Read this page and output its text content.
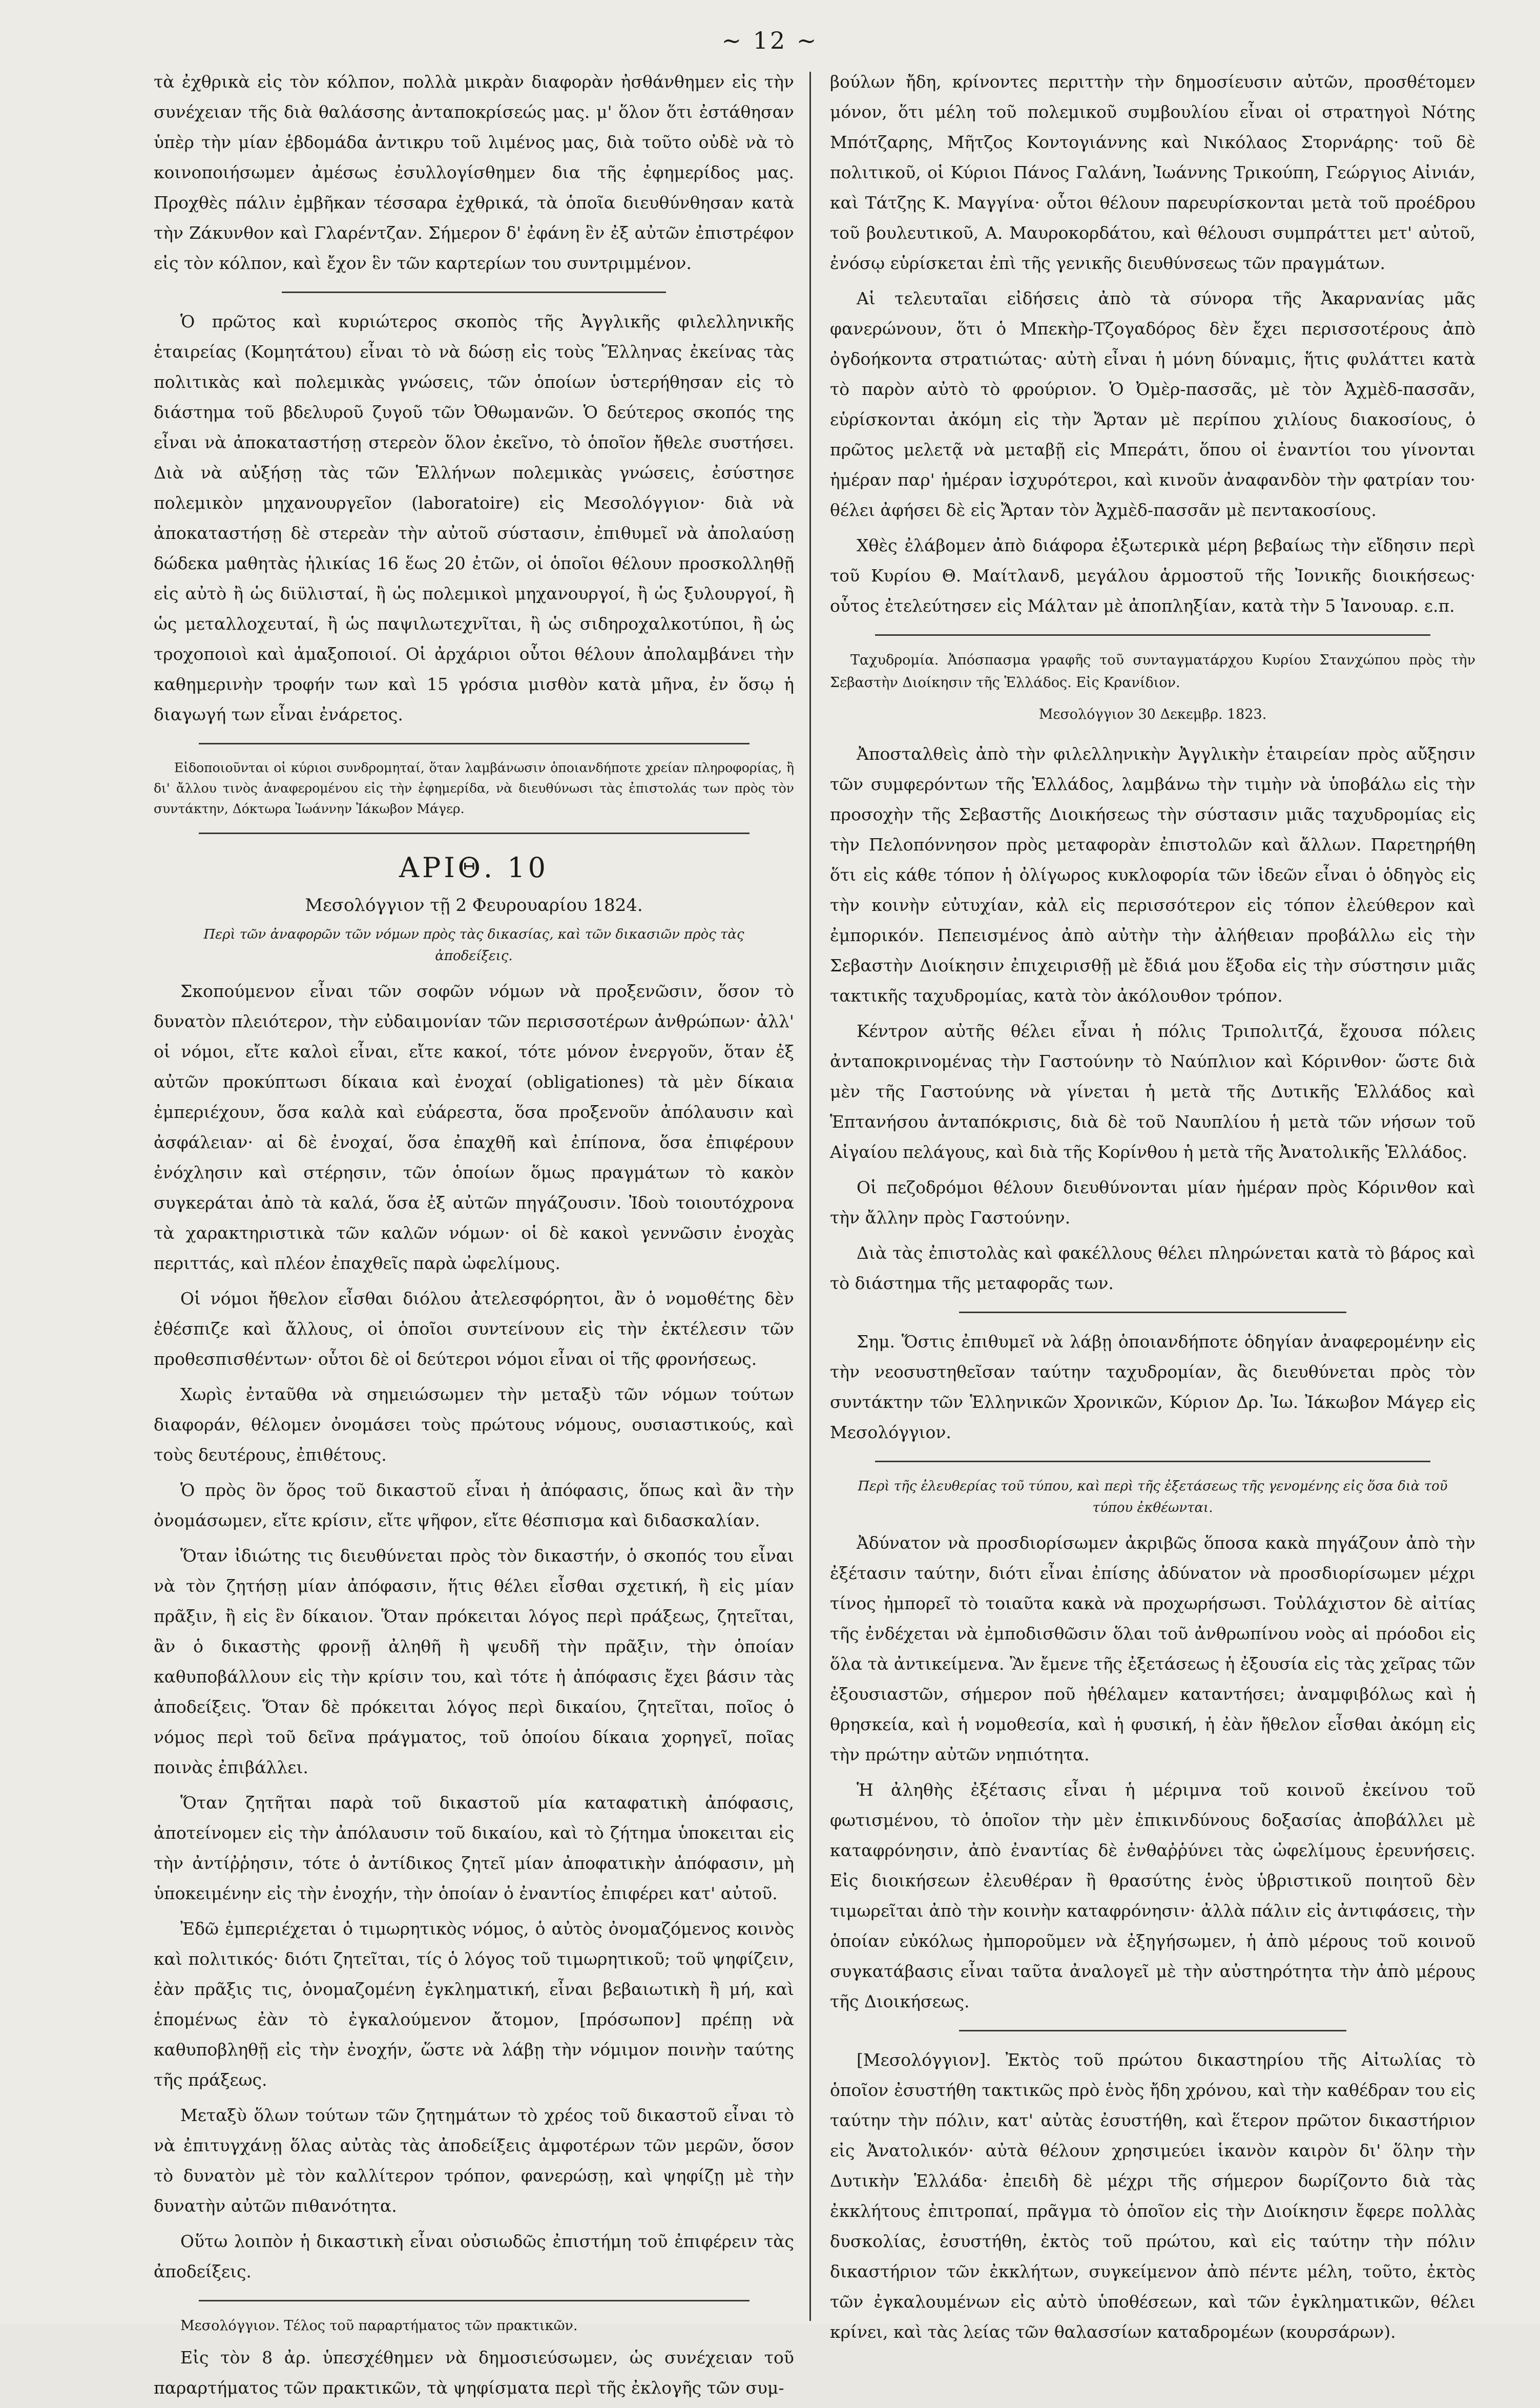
~ 12 ~

τὰ ἐχθρικὰ εἰς τὸν κόλπον, πολλὰ μικρὰν διαφορὰν ἠσθάνθημεν εἰς τὴν συνέχειαν τῆς διὰ θαλάσσης ἀνταποκρίσεώς μας. μ' ὅλον ὅτι ἐστάθησαν ὑπὲρ τὴν μίαν ἑβδομάδα ἀντικρυ τοῦ λιμένος μας, διὰ τοῦτο οὐδὲ νὰ τὸ κοινοποιήσωμεν ἀμέσως ἐσυλλογίσθημεν δια τῆς ἐφημερίδος μας. Προχθὲς πάλιν ἐμβῆκαν τέσσαρα ἐχθρικά, τὰ ὁποῖα διευθύνθησαν κατὰ τὴν Ζάκυνθον καὶ Γλαρέντζαν. Σήμερον δ' ἐφάνη ἓν ἐξ αὐτῶν ἐπιστρέφον εἰς τὸν κόλπον, καὶ ἔχον ἓν τῶν καρτερίων του συντριμμένον.

Ὁ πρῶτος καὶ κυριώτερος σκοπὸς τῆς Ἀγγλικῆς φιλελληνικῆς ἑταιρείας (Κομητάτου) εἶναι τὸ νὰ δώσῃ εἰς τοὺς Ἕλληνας ἐκείνας τὰς πολιτικὰς καὶ πολεμικὰς γνώσεις, τῶν ὁποίων ὑστερήθησαν εἰς τὸ διάστημα τοῦ βδελυροῦ ζυγοῦ τῶν Ὀθωμανῶν. Ὁ δεύτερος σκοπός της εἶναι νὰ ἀποκαταστήσῃ στερεὸν ὅλον ἐκεῖνο, τὸ ὁποῖον ἤθελε συστήσει. Διὰ νὰ αὐξήσῃ τὰς τῶν Ἑλλήνων πολεμικὰς γνώσεις, ἐσύστησε πολεμικὸν μηχανουργεῖον (laboratoire) εἰς Μεσολόγγιον· διὰ νὰ ἀποκαταστήσῃ δὲ στερεὰν τὴν αὐτοῦ σύστασιν, ἐπιθυμεῖ νὰ ἀπολαύσῃ δώδεκα μαθητὰς ἡλικίας 16 ἕως 20 ἐτῶν, οἱ ὁποῖοι θέλουν προσκολληθῇ εἰς αὐτὸ ἢ ὡς διϋλισταί, ἢ ὡς πολεμικοὶ μηχανουργοί, ἢ ὡς ξυλουργοί, ἢ ὡς μεταλλοχευταί, ἢ ὡς παψιλωτεχνῖται, ἢ ὡς σιδηροχαλκοτύποι, ἢ ὡς τροχοποιοὶ καὶ ἁμαξοποιοί. Οἱ ἀρχάριοι οὗτοι θέλουν ἀπολαμβάνει τὴν καθημερινὴν τροφήν των καὶ 15 γρόσια μισθὸν κατὰ μῆνα, ἐν ὅσῳ ἡ διαγωγή των εἶναι ἐνάρετος.

Εἰδοποιοῦνται οἱ κύριοι συνδρομηταί, ὅταν λαμβάνωσιν ὁποιανδήποτε χρείαν πληροφορίας, ἢ δι' ἄλλου τινὸς ἀναφερομένου εἰς τὴν ἐφημερίδα, νὰ διευθύνωσι τὰς ἐπιστολάς των πρὸς τὸν συντάκτην, Δόκτωρα Ἰωάννην Ἰάκωβον Μάγερ.

ΑΡΙΘ. 10

Μεσολόγγιον τῇ 2 Φευρουαρίου 1824.

Περὶ τῶν ἀναφορῶν τῶν νόμων πρὸς τὰς δικασίας, καὶ τῶν δικασιῶν πρὸς τὰς ἀποδείξεις.

Σκοπούμενον εἶναι τῶν σοφῶν νόμων νὰ προξενῶσιν, ὅσον τὸ δυνατὸν πλειότερον, τὴν εὐδαιμονίαν τῶν περισσοτέρων ἀνθρώπων· ἀλλ' οἱ νόμοι, εἴτε καλοὶ εἶναι, εἴτε κακοί, τότε μόνον ἐνεργοῦν, ὅταν ἐξ αὐτῶν προκύπτωσι δίκαια καὶ ἐνοχαί (obligationes) τὰ μὲν δίκαια ἐμπεριέχουν, ὅσα καλὰ καὶ εὐάρεστα, ὅσα προξενοῦν ἀπόλαυσιν καὶ ἀσφάλειαν· αἱ δὲ ἐνοχαί, ὅσα ἐπαχθῆ καὶ ἐπίπονα, ὅσα ἐπιφέρουν ἐνόχλησιν καὶ στέρησιν, τῶν ὁποίων ὅμως πραγμάτων τὸ κακὸν συγκεράται ἀπὸ τὰ καλά, ὅσα ἐξ αὐτῶν πηγάζουσιν. Ἰδοὺ τοιουτόχρονα τὰ χαρακτηριστικὰ τῶν καλῶν νόμων· οἱ δὲ κακοὶ γεννῶσιν ἐνοχὰς περιττάς, καὶ πλέον ἐπαχθεῖς παρὰ ὠφελίμους.

Οἱ νόμοι ἤθελον εἶσθαι διόλου ἀτελεσφόρητοι, ἂν ὁ νομοθέτης δὲν ἐθέσπιζε καὶ ἄλλους, οἱ ὁποῖοι συντείνουν εἰς τὴν ἐκτέλεσιν τῶν προθεσπισθέντων· οὗτοι δὲ οἱ δεύτεροι νόμοι εἶναι οἱ τῆς φρονήσεως.

Χωρὶς ἐνταῦθα νὰ σημειώσωμεν τὴν μεταξὺ τῶν νόμων τούτων διαφοράν, θέλομεν ὀνομάσει τοὺς πρώτους νόμους, ουσιαστικούς, καὶ τοὺς δευτέρους, ἐπιθέτους.

Ὁ πρὸς ὃν ὅρος τοῦ δικαστοῦ εἶναι ἡ ἀπόφασις, ὅπως καὶ ἂν τὴν ὀνομάσωμεν, εἴτε κρίσιν, εἴτε ψῆφον, εἴτε θέσπισμα καὶ διδασκαλίαν.

Ὅταν ἰδιώτης τις διευθύνεται πρὸς τὸν δικαστήν, ὁ σκοπός του εἶναι νὰ τὸν ζητήσῃ μίαν ἀπόφασιν, ἥτις θέλει εἶσθαι σχετική, ἢ εἰς μίαν πρᾶξιν, ἢ εἰς ἓν δίκαιον. Ὅταν πρόκειται λόγος περὶ πράξεως, ζητεῖται, ἂν ὁ δικαστὴς φρονῇ ἀληθῆ ἢ ψευδῆ τὴν πρᾶξιν, τὴν ὁποίαν καθυποβάλλουν εἰς τὴν κρίσιν του, καὶ τότε ἡ ἀπόφασις ἔχει βάσιν τὰς ἀποδείξεις. Ὅταν δὲ πρόκειται λόγος περὶ δικαίου, ζητεῖται, ποῖος ὁ νόμος περὶ τοῦ δεῖνα πράγματος, τοῦ ὁποίου δίκαια χορηγεῖ, ποῖας ποινὰς ἐπιβάλλει.

Ὅταν ζητῆται παρὰ τοῦ δικαστοῦ μία καταφατικὴ ἀπόφασις, ἀποτείνομεν εἰς τὴν ἀπόλαυσιν τοῦ δικαίου, καὶ τὸ ζήτημα ὑποκειται εἰς τὴν ἀντίῤῥησιν, τότε ὁ ἀντίδικος ζητεῖ μίαν ἀποφατικὴν ἀπόφασιν, μὴ ὑποκειμένην εἰς τὴν ἐνοχήν, τὴν ὁποίαν ὁ ἐναντίος ἐπιφέρει κατ' αὐτοῦ.

Ἐδῶ ἐμπεριέχεται ὁ τιμωρητικὸς νόμος, ὁ αὐτὸς ὀνομαζόμενος κοινὸς καὶ πολιτικός· διότι ζητεῖται, τίς ὁ λόγος τοῦ τιμωρητικοῦ; τοῦ ψηφίζειν, ἐὰν πρᾶξις τις, ὀνομαζομένη ἐγκληματική, εἶναι βεβαιωτικὴ ἢ μή, καὶ ἑπομένως ἐὰν τὸ ἐγκαλούμενον ἄτομον, [πρόσωπον] πρέπῃ νὰ καθυποβληθῇ εἰς τὴν ἐνοχήν, ὥστε νὰ λάβῃ τὴν νόμιμον ποινὴν ταύτης τῆς πράξεως.

Μεταξὺ ὅλων τούτων τῶν ζητημάτων τὸ χρέος τοῦ δικαστοῦ εἶναι τὸ νὰ ἐπιτυγχάνῃ ὅλας αὐτὰς τὰς ἀποδείξεις ἀμφοτέρων τῶν μερῶν, ὅσον τὸ δυνατὸν μὲ τὸν καλλίτερον τρόπον, φανερώσῃ, καὶ ψηφίζῃ μὲ τὴν δυνατὴν αὐτῶν πιθανότητα.

Οὕτω λοιπὸν ἡ δικαστικὴ εἶναι οὐσιωδῶς ἐπιστήμη τοῦ ἐπιφέρειν τὰς ἀποδείξεις.

Μεσολόγγιον. Τέλος τοῦ παραρτήματος τῶν πρακτικῶν.

Εἰς τὸν 8 ἀρ. ὑπεσχέθημεν νὰ δημοσιεύσωμεν, ὡς συνέχειαν τοῦ παραρτήματος τῶν πρακτικῶν, τὰ ψηφίσματα περὶ τῆς ἐκλογῆς τῶν συμ-

βούλων ἤδη, κρίνοντες περιττὴν τὴν δημοσίευσιν αὐτῶν, προσθέτομεν μόνον, ὅτι μέλη τοῦ πολεμικοῦ συμβουλίου εἶναι οἱ στρατηγοὶ Νότης Μπότζαρης, Μῆτζος Κοντογιάννης καὶ Νικόλαος Στορνάρης· τοῦ δὲ πολιτικοῦ, οἱ Κύριοι Πάνος Γαλάνη, Ἰωάννης Τρικούπη, Γεώργιος Αἰνιάν, καὶ Τάτζης Κ. Μαγγίνα· οὗτοι θέλουν παρευρίσκονται μετὰ τοῦ προέδρου τοῦ βουλευτικοῦ, Α. Μαυροκορδάτου, καὶ θέλουσι συμπράττει μετ' αὐτοῦ, ἐνόσῳ εὑρίσκεται ἐπὶ τῆς γενικῆς διευθύνσεως τῶν πραγμάτων.

Αἱ τελευταῖαι εἰδήσεις ἀπὸ τὰ σύνορα τῆς Ἀκαρνανίας μᾶς φανερώνουν, ὅτι ὁ Μπεκὴρ-Τζογαδόρος δὲν ἔχει περισσοτέρους ἀπὸ ὀγδοήκοντα στρατιώτας· αὐτὴ εἶναι ἡ μόνη δύναμις, ἥτις φυλάττει κατὰ τὸ παρὸν αὐτὸ τὸ φρούριον. Ὁ Ὀμὲρ-πασσᾶς, μὲ τὸν Ἀχμὲδ-πασσᾶν, εὑρίσκονται ἀκόμη εἰς τὴν Ἄρταν μὲ περίπου χιλίους διακοσίους, ὁ πρῶτος μελετᾷ νὰ μεταβῇ εἰς Μπεράτι, ὅπου οἱ ἐναντίοι του γίνονται ἡμέραν παρ' ἡμέραν ἰσχυρότεροι, καὶ κινοῦν ἀναφανδὸν τὴν φατρίαν του· θέλει ἀφήσει δὲ εἰς Ἄρταν τὸν Ἀχμὲδ-πασσᾶν μὲ πεντακοσίους.

Χθὲς ἐλάβομεν ἀπὸ διάφορα ἐξωτερικὰ μέρη βεβαίως τὴν εἴδησιν περὶ τοῦ Κυρίου Θ. Μαίτλανδ, μεγάλου ἁρμοστοῦ τῆς Ἰονικῆς διοικήσεως· οὗτος ἐτελεύτησεν εἰς Μάλταν μὲ ἀποπληξίαν, κατὰ τὴν 5 Ἰανουαρ. ε.π.

Ταχυδρομία. Ἀπόσπασμα γραφῆς τοῦ συνταγματάρχου Κυρίου Στανχώπου πρὸς τὴν Σεβαστὴν Διοίκησιν τῆς Ἑλλάδος. Εἰς Κρανίδιον.

Μεσολόγγιον 30 Δεκεμβρ. 1823.

Ἀποσταλθεὶς ἀπὸ τὴν φιλελληνικὴν Ἀγγλικὴν ἑταιρείαν πρὸς αὔξησιν τῶν συμφερόντων τῆς Ἑλλάδος, λαμβάνω τὴν τιμὴν νὰ ὑποβάλω εἰς τὴν προσοχὴν τῆς Σεβαστῆς Διοικήσεως τὴν σύστασιν μιᾶς ταχυδρομίας εἰς τὴν Πελοπόννησον πρὸς μεταφορὰν ἐπιστολῶν καὶ ἄλλων. Παρετηρήθη ὅτι εἰς κάθε τόπον ἡ ὀλίγωρος κυκλοφορία τῶν ἰδεῶν εἶναι ὁ ὁδηγὸς εἰς τὴν κοινὴν εὐτυχίαν, κἀλ εἰς περισσότερον εἰς τόπον ἐλεύθερον καὶ ἐμπορικόν. Πεπεισμένος ἀπὸ αὐτὴν τὴν ἀλήθειαν προβάλλω εἰς τὴν Σεβαστὴν Διοίκησιν ἐπιχειρισθῇ μὲ ἔδιά μου ἕξοδα εἰς τὴν σύστησιν μιᾶς τακτικῆς ταχυδρομίας, κατὰ τὸν ἀκόλουθον τρόπον.

Κέντρον αὐτῆς θέλει εἶναι ἡ πόλις Τριπολιτζά, ἔχουσα πόλεις ἀνταποκρινομένας τὴν Γαστούνην τὸ Ναύπλιον καὶ Κόρινθον· ὥστε διὰ μὲν τῆς Γαστούνης νὰ γίνεται ἡ μετὰ τῆς Δυτικῆς Ἑλλάδος καὶ Ἑπτανήσου ἀνταπόκρισις, διὰ δὲ τοῦ Ναυπλίου ἡ μετὰ τῶν νήσων τοῦ Αἰγαίου πελάγους, καὶ διὰ τῆς Κορίνθου ἡ μετὰ τῆς Ἀνατολικῆς Ἑλλάδος.

Οἱ πεζοδρόμοι θέλουν διευθύνονται μίαν ἡμέραν πρὸς Κόρινθον καὶ τὴν ἄλλην πρὸς Γαστούνην.

Διὰ τὰς ἐπιστολὰς καὶ φακέλλους θέλει πληρώνεται κατὰ τὸ βάρος καὶ τὸ διάστημα τῆς μεταφορᾶς των.

Σημ. Ὅστις ἐπιθυμεῖ νὰ λάβῃ ὁποιανδήποτε ὁδηγίαν ἀναφερομένην εἰς τὴν νεοσυστηθεῖσαν ταύτην ταχυδρομίαν, ἂς διευθύνεται πρὸς τὸν συντάκτην τῶν Ἑλληνικῶν Χρονικῶν, Κύριον Δρ. Ἰω. Ἰάκωβον Μάγερ εἰς Μεσολόγγιον.

Περὶ τῆς ἐλευθερίας τοῦ τύπου, καὶ περὶ τῆς ἐξετάσεως τῆς γενομένης εἰς ὅσα διὰ τοῦ τύπου ἐκθέωνται.

Ἀδύνατον νὰ προσδιορίσωμεν ἀκριβῶς ὅποσα κακὰ πηγάζουν ἀπὸ τὴν ἐξέτασιν ταύτην, διότι εἶναι ἐπίσης ἀδύνατον νὰ προσδιορίσωμεν μέχρι τίνος ἠμπορεῖ τὸ τοιαῦτα κακὰ νὰ προχωρήσωσι. Τοὐλάχιστον δὲ αἰτίας τῆς ἐνδέχεται νὰ ἐμποδισθῶσιν ὅλαι τοῦ ἀνθρωπίνου νοὸς αἱ πρόοδοι εἰς ὅλα τὰ ἀντικείμενα. Ἂν ἔμενε τῆς ἐξετάσεως ἡ ἐξουσία εἰς τὰς χεῖρας τῶν ἐξουσιαστῶν, σήμερον ποῦ ἠθέλαμεν καταντήσει; ἀναμφιβόλως καὶ ἡ θρησκεία, καὶ ἡ νομοθεσία, καὶ ἡ φυσική, ἡ ἐὰν ἤθελον εἶσθαι ἀκόμη εἰς τὴν πρώτην αὐτῶν νηπιότητα.

Ἡ ἀληθὴς ἐξέτασις εἶναι ἡ μέριμνα τοῦ κοινοῦ ἐκείνου τοῦ φωτισμένου, τὸ ὁποῖον τὴν μὲν ἐπικινδύνους δοξασίας ἀποβάλλει μὲ καταφρόνησιν, ἀπὸ ἐναντίας δὲ ἐνθαῤῥύνει τὰς ὠφελίμους ἐρευνήσεις. Εἰς διοικήσεων ἐλευθέραν ἢ θρασύτης ἑνὸς ὑβριστικοῦ ποιητοῦ δὲν τιμωρεῖται ἀπὸ τὴν κοινὴν καταφρόνησιν· ἀλλὰ πάλιν εἰς ἀντιφάσεις, τὴν ὁποίαν εὐκόλως ἠμποροῦμεν νὰ ἐξηγήσωμεν, ἡ ἀπὸ μέρους τοῦ κοινοῦ συγκατάβασις εἶναι ταῦτα ἀναλογεῖ μὲ τὴν αὐστηρότητα τὴν ἀπὸ μέρους τῆς Διοικήσεως.

[Μεσολόγγιον]. Ἐκτὸς τοῦ πρώτου δικαστηρίου τῆς Αἰτωλίας τὸ ὁποῖον ἐσυστήθη τακτικῶς πρὸ ἑνὸς ἤδη χρόνου, καὶ τὴν καθέδραν του εἰς ταύτην τὴν πόλιν, κατ' αὐτὰς ἐσυστήθη, καὶ ἕτερον πρῶτον δικαστήριον εἰς Ἀνατολικόν· αὐτὰ θέλουν χρησιμεύει ἱκανὸν καιρὸν δι' ὅλην τὴν Δυτικὴν Ἑλλάδα· ἐπειδὴ δὲ μέχρι τῆς σήμερον δωρίζοντο διὰ τὰς ἐκκλήτους ἐπιτροπαί, πρᾶγμα τὸ ὁποῖον εἰς τὴν Διοίκησιν ἔφερε πολλὰς δυσκολίας, ἐσυστήθη, ἐκτὸς τοῦ πρώτου, καὶ εἰς ταύτην τὴν πόλιν δικαστήριον τῶν ἐκκλήτων, συγκείμενον ἀπὸ πέντε μέλη, τοῦτο, ἐκτὸς τῶν ἐγκαλουμένων εἰς αὐτὸ ὑποθέσεων, καὶ τῶν ἐγκληματικῶν, θέλει κρίνει, καὶ τὰς λείας τῶν θαλασσίων καταδρομέων (κουρσάρων).
